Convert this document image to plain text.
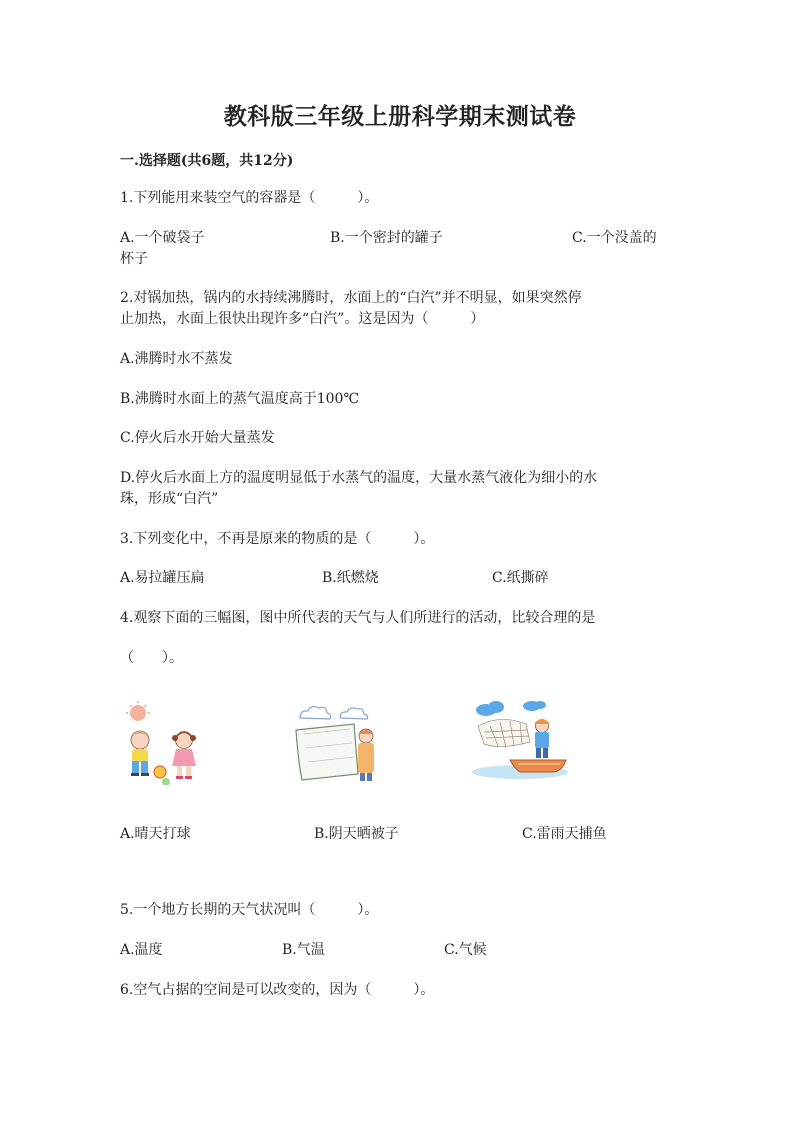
教科版三年级上册科学期末测试卷
一.选择题(共6题，共12分)
1.下列能用来装空气的容器是（　　　）。
A.一个破袋子	B.一个密封的罐子	C.一个没盖的
杯子
2.对锅加热，锅内的水持续沸腾时，水面上的“白汽”并不明显，如果突然停
止加热，水面上很快出现许多“白汽”。这是因为（　　　）
A.沸腾时水不蒸发
B.沸腾时水面上的蒸气温度高于100℃
C.停火后水开始大量蒸发
D.停火后水面上方的温度明显低于水蒸气的温度，大量水蒸气液化为细小的水
珠，形成“白汽”
3.下列变化中，不再是原来的物质的是（　　　）。
A.易拉罐压扁	B.纸燃烧	C.纸撕碎
4.观察下面的三幅图，图中所代表的天气与人们所进行的活动，比较合理的是
（　　）。
A.晴天打球	B.阴天晒被子	C.雷雨天捕鱼
5.一个地方长期的天气状况叫（　　　）。
A.温度	B.气温	C.气候
6.空气占据的空间是可以改变的，因为（　　　）。
